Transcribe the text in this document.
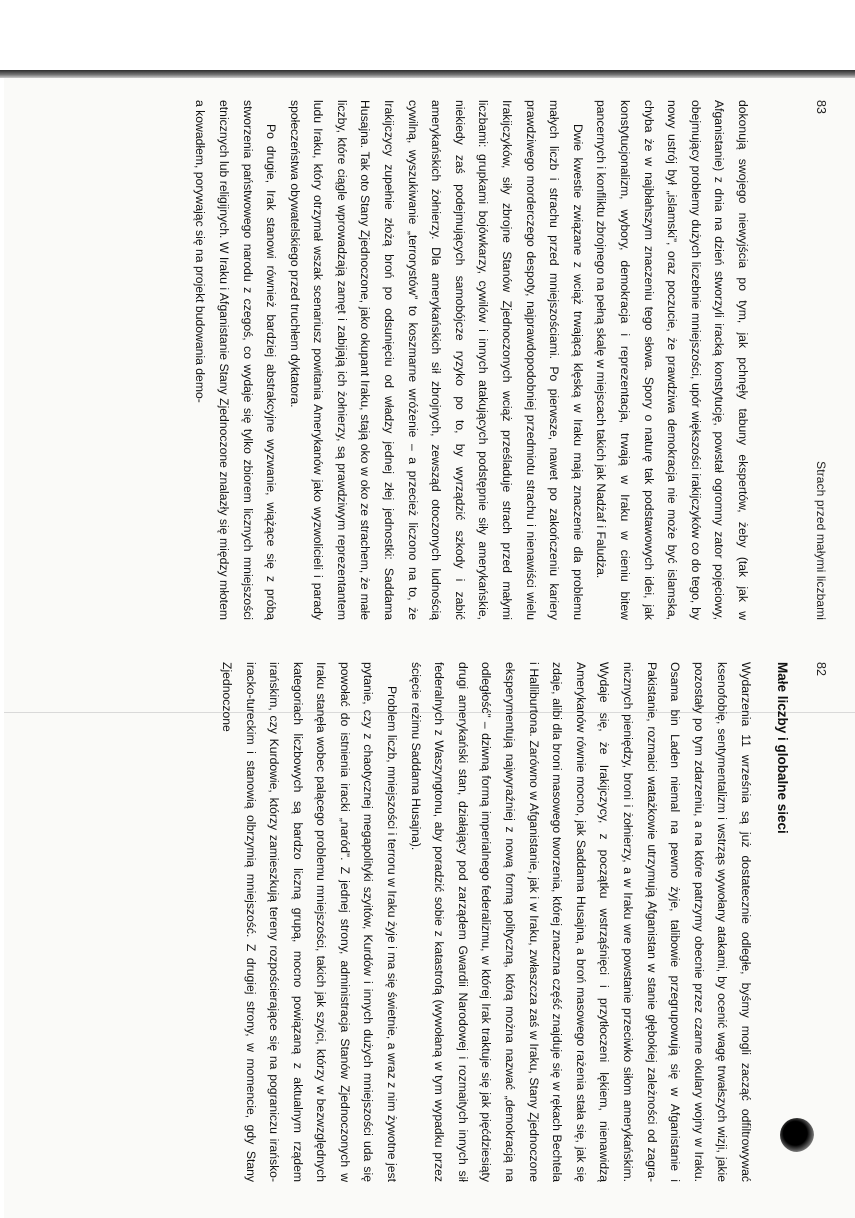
83
Strach przed małymi liczbami

dokonują swojego niewyjścia po tym, jak pchnęły tabuny ekspertów, żeby (tak jak w Afganistanie) z dnia na dzień stworzyli iracką konstytucję, powstał ogromny zator pojęciowy, obejmujący problemy dużych liczebnie mniejszości, upór większości irakijczyków co do tego, by nowy ustrój był „islamski”, oraz poczucie, że prawdziwa demokracja nie może być islamska, chyba że w najbłahszym znaczeniu tego słowa. Spory o naturę tak podstawowych idei, jak konstytucjonalizm, wybory, demokracja i reprezentacja, trwają w Iraku w cieniu bitew pancernych i konfliktu zbrojnego na pełną skalę w miejscach takich jak Nadżaf i Faludża.

Dwie kwestie związane z wciąż trwającą klęską w Iraku mają znaczenie dla problemu małych liczb i strachu przed mniejszościami. Po pierwsze, nawet po zakończeniu kariery prawdziwego morderczego despoty, najprawdopodobniej przedmiotu strachu i nienawiści wielu Irakijczyków, siły zbrojne Stanów Zjednoczonych wciąż prześladuje strach przed małymi liczbami: grupkami bojówkarzy, cywilów i innych atakujących podstępnie siły amerykańskie, niekiedy zaś podejmujących samobójcze ryzyko po to, by wyrządzić szkody i zabić amerykańskich żołnierzy. Dla amerykańskich sił zbrojnych, zewsząd otoczonych ludnością cywilną, wyszukiwanie „terrorystów” to koszmarne wróżenie – a przecież liczono na to, że Irakijczycy zupełnie złożą broń po odsunięciu od władzy jednej złej jednostki: Saddama Husajna. Tak oto Stany Zjednoczone, jako okupant Iraku, stają oko w oko ze strachem, że małe liczby, które ciągle wprowadzają zamęt i zabijają ich żołnierzy, są prawdziwym reprezentantem ludu Iraku, który otrzymał wszak scenariusz powitania Amerykanów jako wyzwolicieli i parady społeczeństwa obywatelskiego przed truchłem dyktatora.

Po drugie, Irak stanowi również bardziej abstrakcyjne wyzwanie, wiążące się z próbą stworzenia państwowego narodu z czegoś, co wydaje się tylko zbiorem licznych mniejszości etnicznych lub religijnych. W Iraku i Afganistanie Stany Zjednoczone znalazły się między młotem a kowadłem, porywając się na projekt budowania demo-

82
Małe liczby i globalne sieci

Wydarzenia 11 września są już dostatecznie odległe, byśmy mogli zacząć odfiltrowywać ksenofobię, sentymentalizm i wstrząs wywołany atakami, by ocenić wagę trwałszych wizji, jakie pozostały po tym zdarzeniu, a na które patrzymy obecnie przez czarne okulary wojny w Iraku. Osama bin Laden niemal na pewno żyje, talibowie przegrupowują się w Afganistanie i Pakistanie, rozmaici watażkowie utrzymują Afganistan w stanie głębokiej zależności od zagranicznych pieniędzy, broni i żołnierzy, a w Iraku wre powstanie przeciwko siłom amerykańskim. Wydaje się, że Irakijczycy, z początku wstrząśnięci i przytłoczeni lękiem, nienawidzą Amerykanów równie mocno, jak Saddama Husajna, a broń masowego rażenia stała się, jak się zdaje, alibi dla broni masowego tworzenia, której znaczna część znajduje się w rękach Bechtela i Halliburtona. Zarówno w Afganistanie, jak i w Iraku, zwłaszcza zaś w Iraku, Stany Zjednoczone eksperymentują najwyraźniej z nową formą polityczną, którą można nazwać „demokracją na odległość” – dziwną formą imperialnego federalizmu, w której Irak traktuje się jak pięćdziesiąty drugi amerykański stan, działający pod zarządem Gwardii Narodowej i rozmaitych innych sił federalnych z Waszyngtonu, aby poradzić sobie z katastrofą (wywołaną w tym wypadku przez ścięcie reżimu Saddama Husajna).

Problem liczb, mniejszości i terroru w Iraku żyje i ma się świetnie, a wraz z nim żywotne jest pytanie, czy z chaotycznej megapolityki szyitów, Kurdów i innych dużych mniejszości uda się powołać do istnienia iracki „naród”. Z jednej strony, administracja Stanów Zjednoczonych w Iraku stanęła wobec palącego problemu mniejszości, takich jak szyici, którzy w bezwzględnych kategoriach liczbowych są bardzo liczną grupą, mocno powiązaną z aktualnym rządem irańskim, czy Kurdowie, którzy zamieszkują tereny rozpościerające się na pograniczu irańsko-iracko-tureckim i stanowią olbrzymią mniejszość. Z drugiej strony, w momencie, gdy Stany Zjednoczone
